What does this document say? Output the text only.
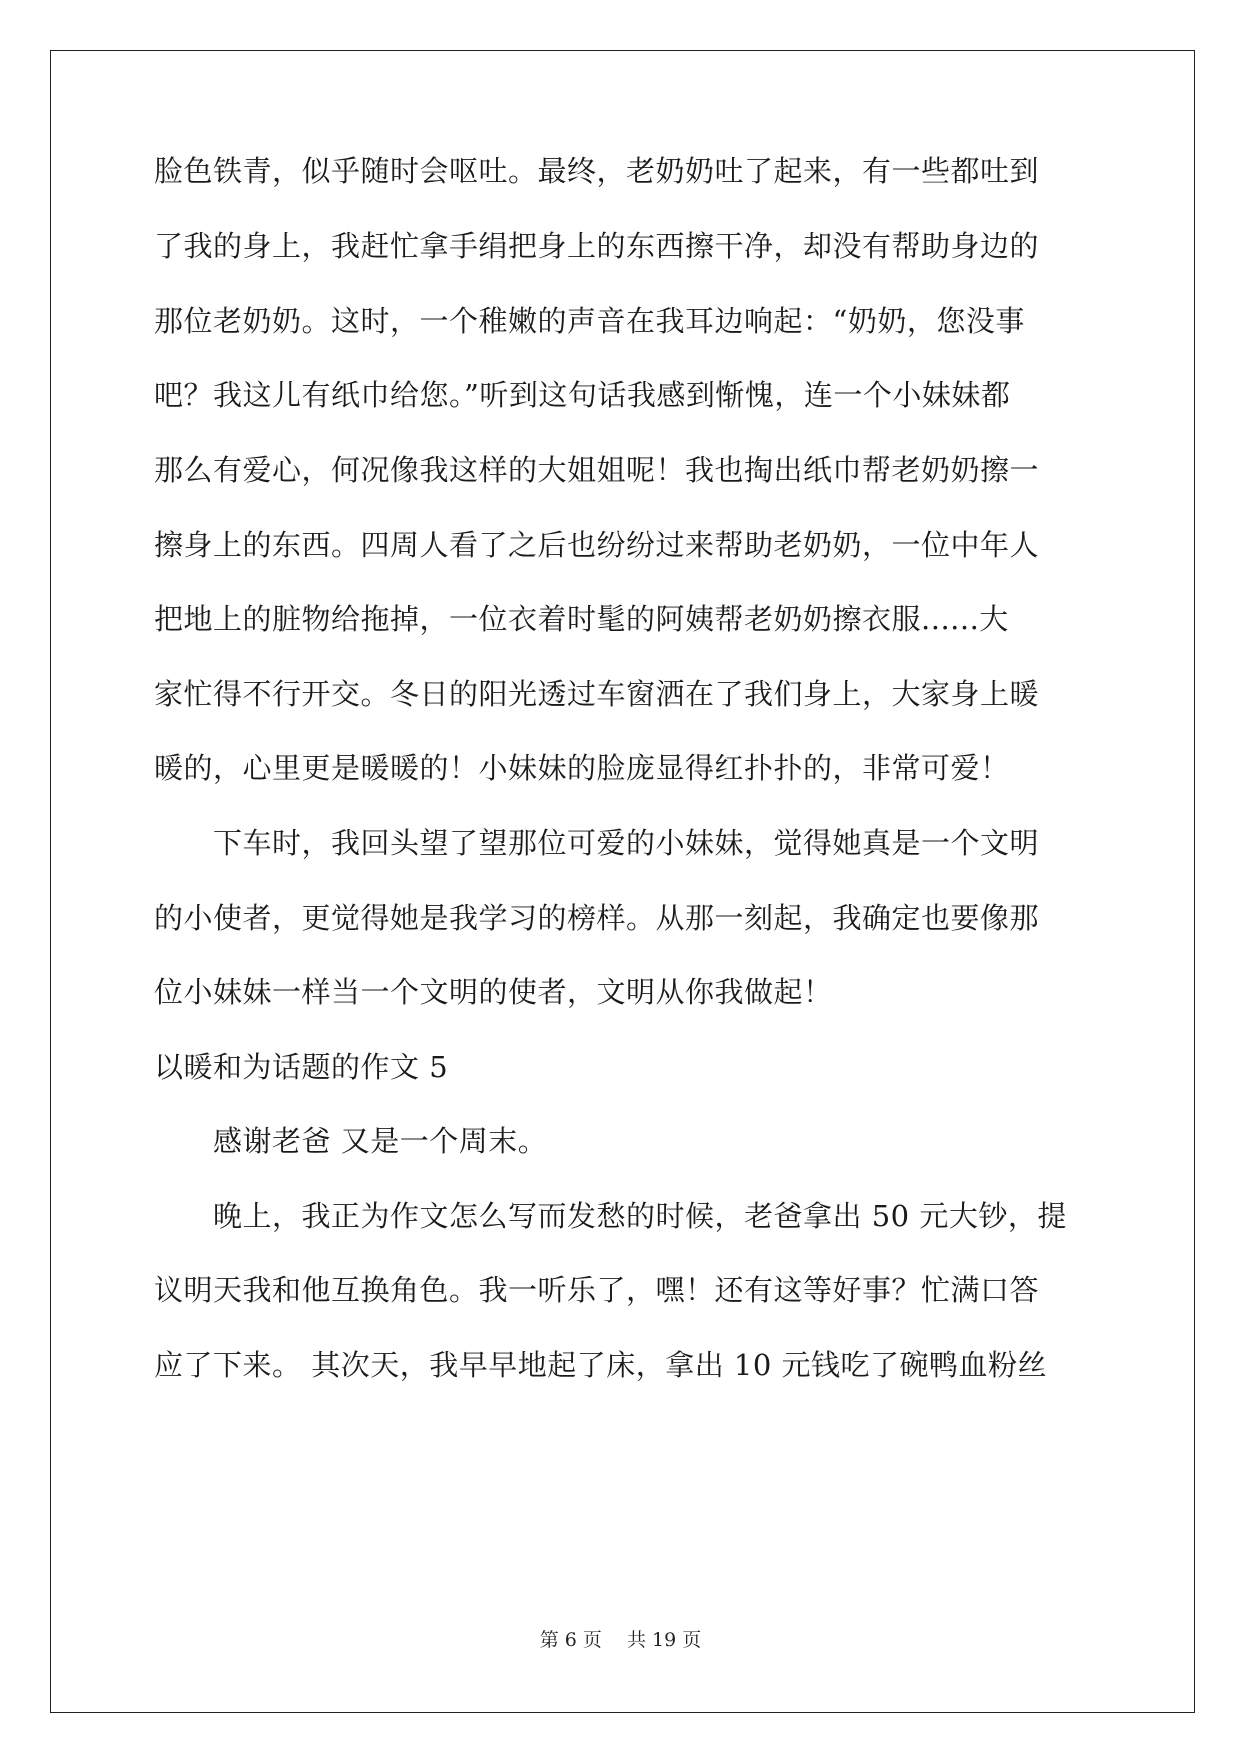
脸色铁青，似乎随时会呕吐。最终，老奶奶吐了起来，有一些都吐到
了我的身上，我赶忙拿手绢把身上的东西擦干净，却没有帮助身边的
那位老奶奶。这时，一个稚嫩的声音在我耳边响起：“奶奶，您没事
吧？我这儿有纸巾给您。”听到这句话我感到惭愧，连一个小妹妹都
那么有爱心，何况像我这样的大姐姐呢！我也掏出纸巾帮老奶奶擦一
擦身上的东西。四周人看了之后也纷纷过来帮助老奶奶，一位中年人
把地上的脏物给拖掉，一位衣着时髦的阿姨帮老奶奶擦衣服......大
家忙得不行开交。冬日的阳光透过车窗洒在了我们身上，大家身上暖
暖的，心里更是暖暖的！小妹妹的脸庞显得红扑扑的，非常可爱！
　　下车时，我回头望了望那位可爱的小妹妹，觉得她真是一个文明
的小使者，更觉得她是我学习的榜样。从那一刻起，我确定也要像那
位小妹妹一样当一个文明的使者，文明从你我做起！
以暖和为话题的作文 5
　　感谢老爸 又是一个周末。
　　晚上，我正为作文怎么写而发愁的时候，老爸拿出 50 元大钞，提
议明天我和他互换角色。我一听乐了，嘿！还有这等好事？忙满口答
应了下来。 其次天，我早早地起了床，拿出 10 元钱吃了碗鸭血粉丝
第 6 页　 共 19 页
